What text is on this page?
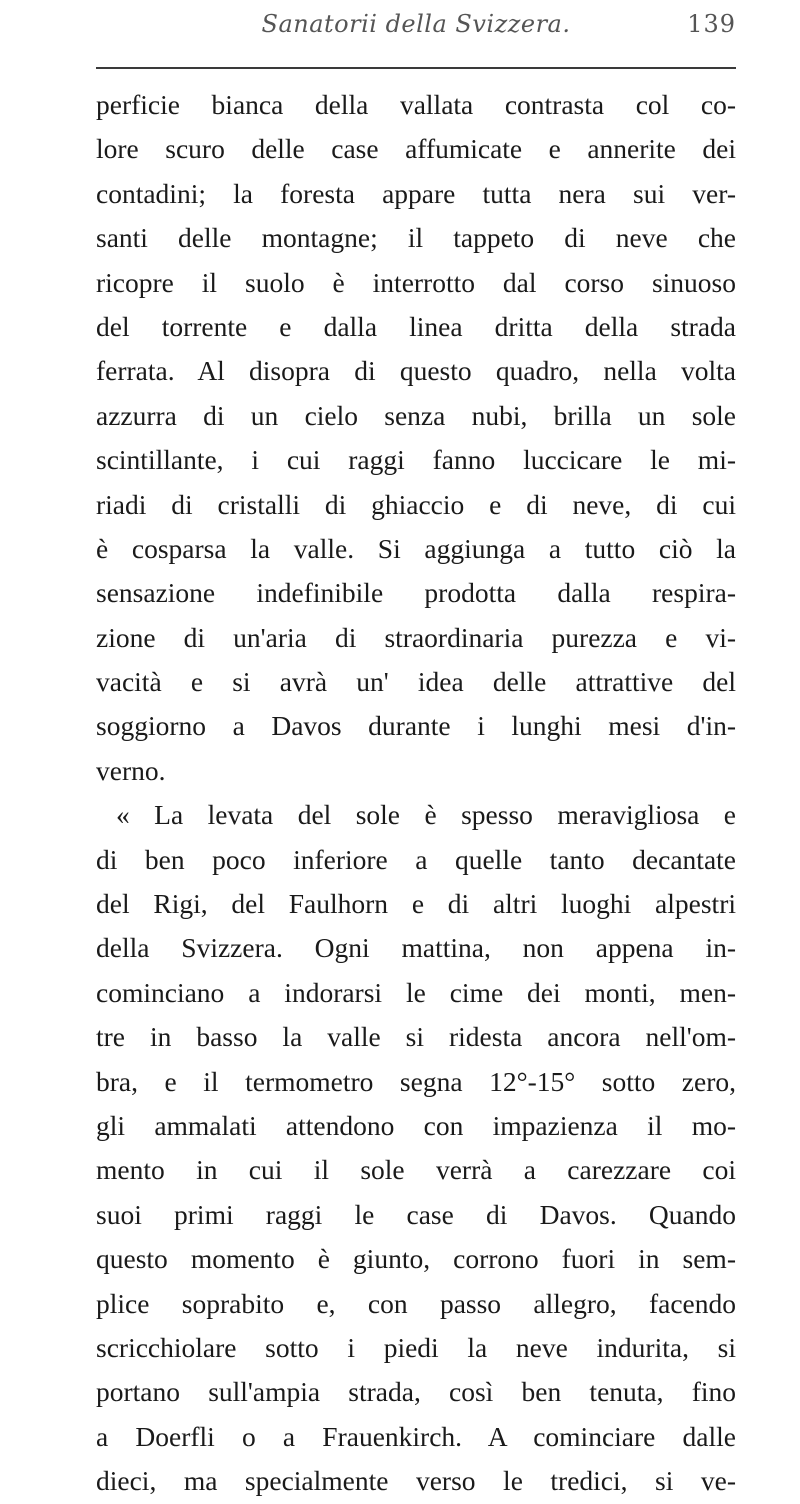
Sanatorii della Svizzera.	139
perficie bianca della vallata contrasta col co-
lore scuro delle case affumicate e annerite dei
contadini; la foresta appare tutta nera sui ver-
santi delle montagne; il tappeto di neve che
ricopre il suolo è interrotto dal corso sinuoso
del torrente e dalla linea dritta della strada
ferrata. Al disopra di questo quadro, nella volta
azzurra di un cielo senza nubi, brilla un sole
scintillante, i cui raggi fanno luccicare le mi-
riadi di cristalli di ghiaccio e di neve, di cui
è cosparsa la valle. Si aggiunga a tutto ciò la
sensazione indefinibile prodotta dalla respira-
zione di un'aria di straordinaria purezza e vi-
vacità e si avrà un' idea delle attrattive del
soggiorno a Davos durante i lunghi mesi d'in-
verno.
« La levata del sole è spesso meravigliosa e
di ben poco inferiore a quelle tanto decantate
del Rigi, del Faulhorn e di altri luoghi alpestri
della Svizzera. Ogni mattina, non appena in-
cominciano a indorarsi le cime dei monti, men-
tre in basso la valle si ridesta ancora nell'om-
bra, e il termometro segna 12°-15° sotto zero,
gli ammalati attendono con impazienza il mo-
mento in cui il sole verrà a carezzare coi
suoi primi raggi le case di Davos. Quando
questo momento è giunto, corrono fuori in sem-
plice soprabito e, con passo allegro, facendo
scricchiolare sotto i piedi la neve indurita, si
portano sull'ampia strada, così ben tenuta, fino
a Doerfli o a Frauenkirch. A cominciare dalle
dieci, ma specialmente verso le tredici, si ve-
